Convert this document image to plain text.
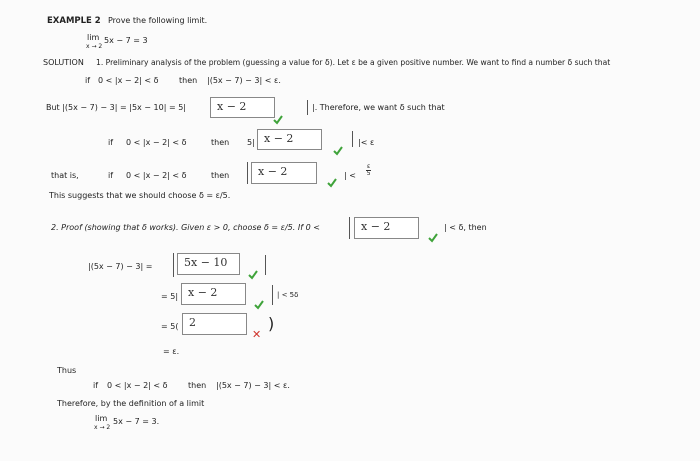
EXAMPLE 2 Prove the following limit.
lim 5x − 7 = 3
x → 2
SOLUTION 1. Preliminary analysis of the problem (guessing a value for δ). Let ε be a given positive number. We want to find a number δ such that
if 0 < |x − 2| < δ	then |(5x − 7) − 3| < ε.
But |(5x − 7) − 3| = |5x − 10| = 5|	x − 2	|. Therefore, we want δ such that
if 0 < |x − 2| < δ	then 5| x − 2	|< ε
that is,	if 0 < |x − 2| < δ	then	x − 2	| < $\frac{\varepsilon}{5}$
This suggests that we should choose δ = ε/5.
2. Proof (showing that δ works). Given ε > 0, choose δ = ε/5. If 0 <	x − 2	| < δ, then
|(5x − 7) − 3| =	5x − 10
= 5| x − 2	| < 5δ
= 5( 2
✕
)
= ε.
Thus
if 0 < |x − 2| < δ	then |(5x − 7) − 3| < ε.
Therefore, by the definition of a limit
lim 5x − 7 = 3.
x → 2
